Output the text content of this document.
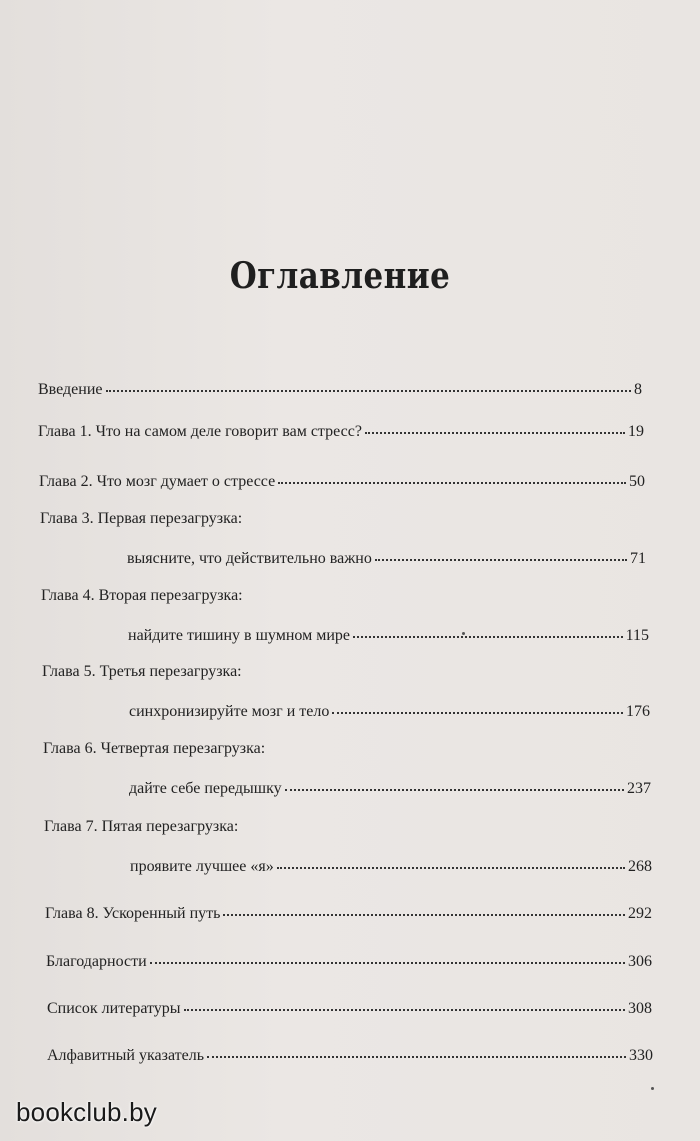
Оглавление
Введение	8
Глава 1. Что на самом деле говорит вам стресс?	19
Глава 2. Что мозг думает о стрессе	50
Глава 3. Первая перезагрузка:
выясните, что действительно важно	71
Глава 4. Вторая перезагрузка:
найдите тишину в шумном мире	115
Глава 5. Третья перезагрузка:
синхронизируйте мозг и тело	176
Глава 6. Четвертая перезагрузка:
дайте себе передышку	237
Глава 7. Пятая перезагрузка:
проявите лучшее «я»	268
Глава 8. Ускоренный путь	292
Благодарности	306
Список литературы	308
Алфавитный указатель	330
bookclub.by
